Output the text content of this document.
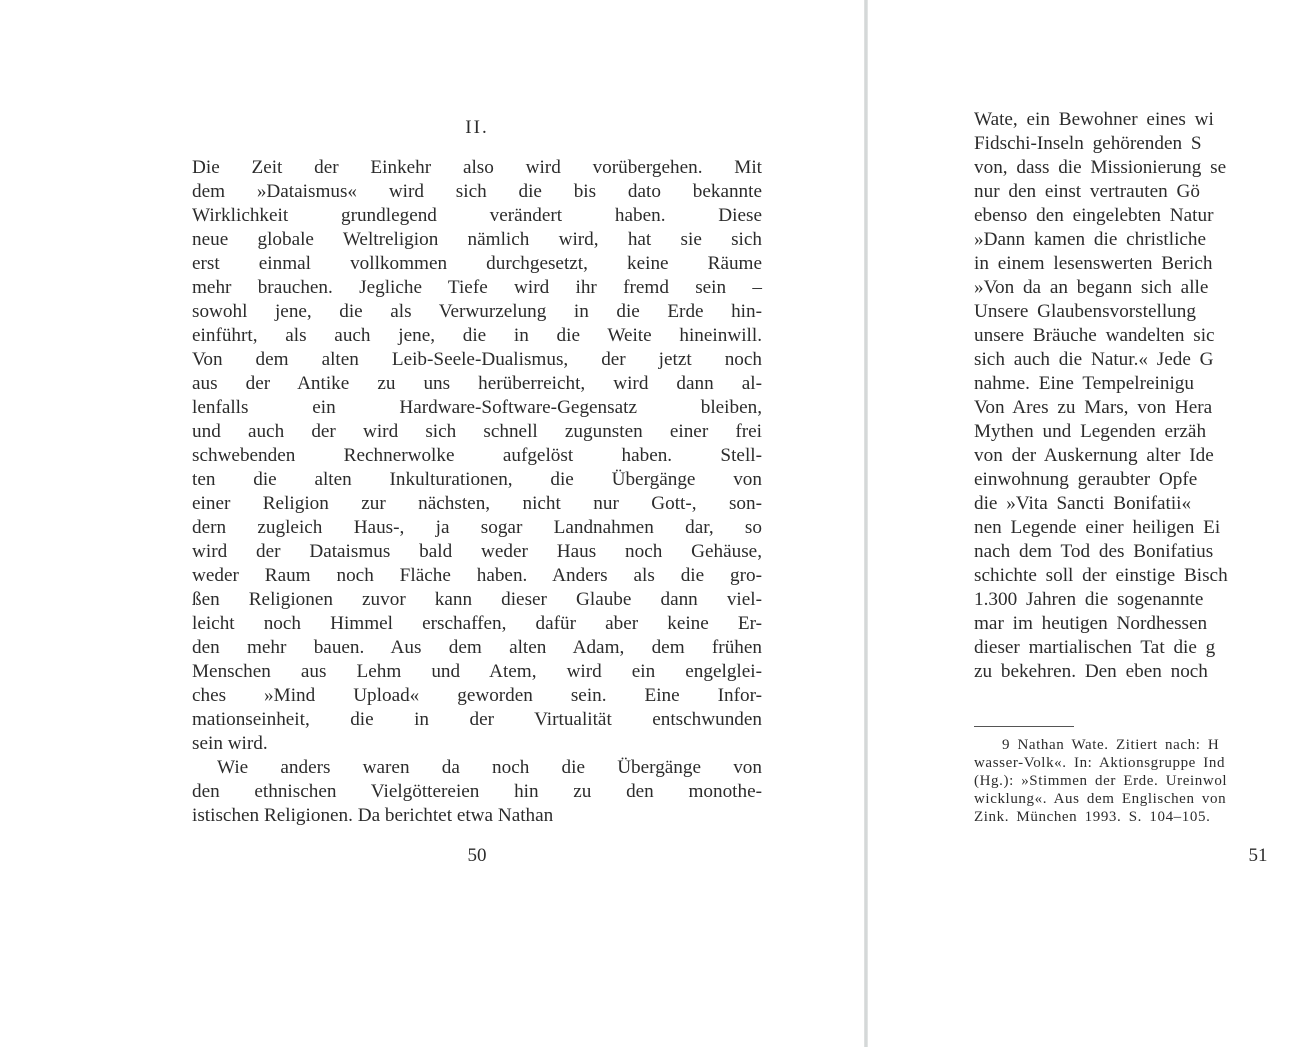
II.
Die Zeit der Einkehr also wird vorübergehen. Mit
dem »Dataismus« wird sich die bis dato bekannte
Wirklichkeit grundlegend verändert haben. Diese
neue globale Weltreligion nämlich wird, hat sie sich
erst einmal vollkommen durchgesetzt, keine Räume
mehr brauchen. Jegliche Tiefe wird ihr fremd sein –
sowohl jene, die als Verwurzelung in die Erde hin-
einführt, als auch jene, die in die Weite hineinwill.
Von dem alten Leib-Seele-Dualismus, der jetzt noch
aus der Antike zu uns herüberreicht, wird dann al-
lenfalls ein Hardware-Software-Gegensatz bleiben,
und auch der wird sich schnell zugunsten einer frei
schwebenden Rechnerwolke aufgelöst haben. Stell-
ten die alten Inkulturationen, die Übergänge von
einer Religion zur nächsten, nicht nur Gott-, son-
dern zugleich Haus-, ja sogar Landnahmen dar, so
wird der Dataismus bald weder Haus noch Gehäuse,
weder Raum noch Fläche haben. Anders als die gro-
ßen Religionen zuvor kann dieser Glaube dann viel-
leicht noch Himmel erschaffen, dafür aber keine Er-
den mehr bauen. Aus dem alten Adam, dem frühen
Menschen aus Lehm und Atem, wird ein engelglei-
ches »Mind Upload« geworden sein. Eine Infor-
mationseinheit, die in der Virtualität entschwunden
sein wird.
Wie anders waren da noch die Übergänge von
den ethnischen Vielgöttereien hin zu den monothe-
istischen Religionen. Da berichtet etwa Nathan
50
Wate, ein Bewohner eines wi
Fidschi-Inseln gehörenden S
von, dass die Missionierung se
nur den einst vertrauten Gö
ebenso den eingelebten Natur
»Dann kamen die christliche
in einem lesenswerten Berich
»Von da an begann sich alle
Unsere Glaubensvorstellung
unsere Bräuche wandelten sic
sich auch die Natur.« Jede G
nahme. Eine Tempelreinigu
Von Ares zu Mars, von Hera
Mythen und Legenden erzäh
von der Auskernung alter Ide
einwohnung geraubter Opfe
die »Vita Sancti Bonifatii«
nen Legende einer heiligen Ei
nach dem Tod des Bonifatius
schichte soll der einstige Bisch
1.300 Jahren die sogenannte
mar im heutigen Nordhessen
dieser martialischen Tat die g
zu bekehren. Den eben noch
9 Nathan Wate. Zitiert nach: H
wasser-Volk«. In: Aktionsgruppe Ind
(Hg.): »Stimmen der Erde. Ureinwol
wicklung«. Aus dem Englischen von
Zink. München 1993. S. 104–105.
51
